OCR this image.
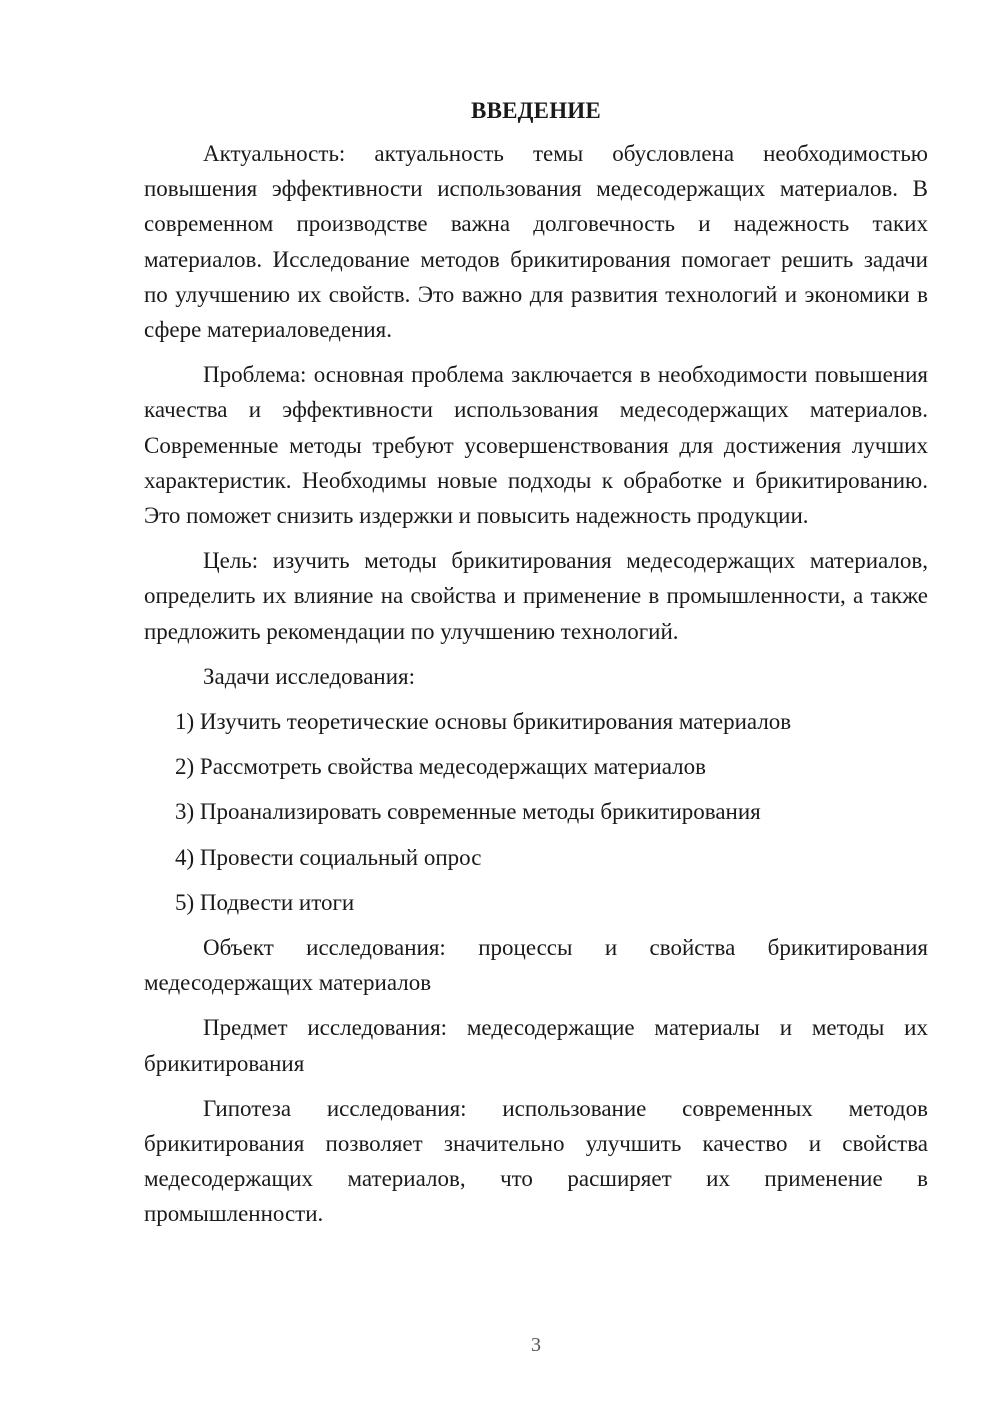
ВВЕДЕНИЕ

Актуальность: актуальность темы обусловлена необходимостью повышения эффективности использования медесодержащих материалов. В современном производстве важна долговечность и надежность таких материалов. Исследование методов брикитирования помогает решить задачи по улучшению их свойств. Это важно для развития технологий и экономики в сфере материаловедения.

Проблема: основная проблема заключается в необходимости повышения качества и эффективности использования медесодержащих материалов. Современные методы требуют усовершенствования для достижения лучших характеристик. Необходимы новые подходы к обработке и брикитированию. Это поможет снизить издержки и повысить надежность продукции.

Цель: изучить методы брикитирования медесодержащих материалов, определить их влияние на свойства и применение в промышленности, а также предложить рекомендации по улучшению технологий.

Задачи исследования:

1) Изучить теоретические основы брикитирования материалов
2) Рассмотреть свойства медесодержащих материалов
3) Проанализировать современные методы брикитирования
4) Провести социальный опрос
5) Подвести итоги

Объект исследования: процессы и свойства брикитирования медесодержащих материалов

Предмет исследования: медесодержащие материалы и методы их брикитирования

Гипотеза исследования: использование современных методов брикитирования позволяет значительно улучшить качество и свойства медесодержащих материалов, что расширяет их применение в промышленности.

3
